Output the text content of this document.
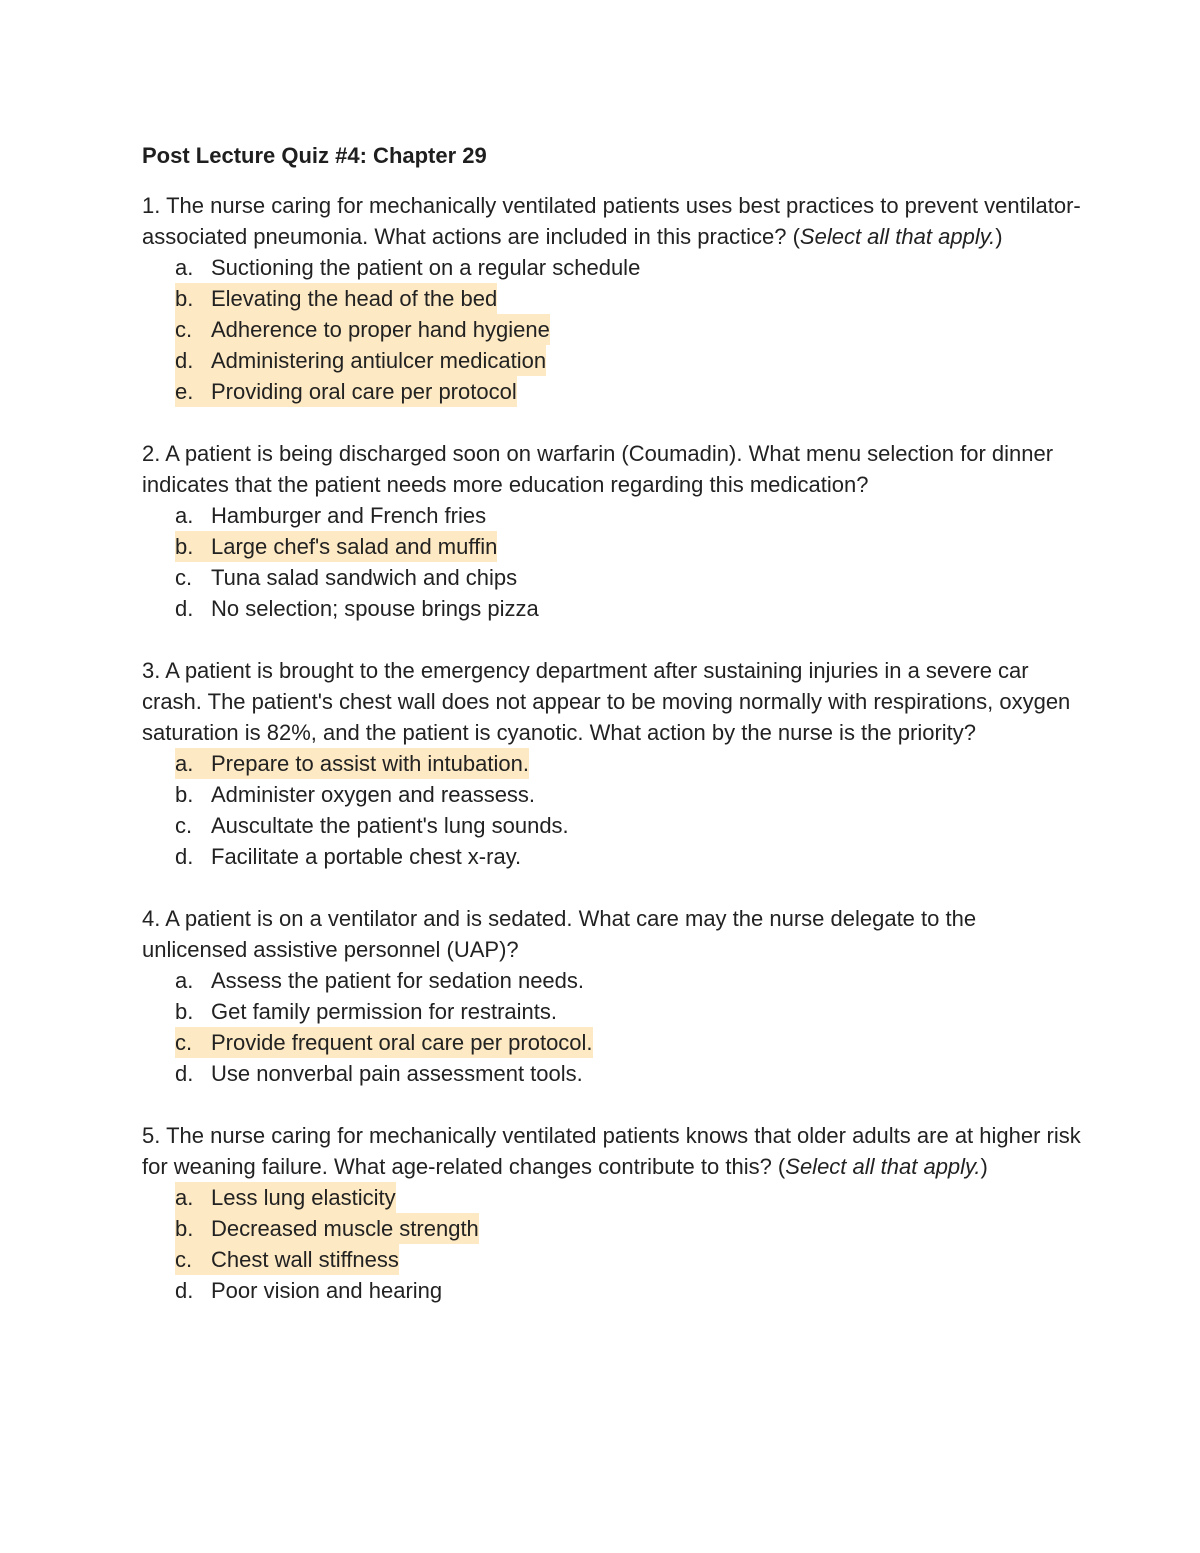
Post Lecture Quiz #4: Chapter 29

1. The nurse caring for mechanically ventilated patients uses best practices to prevent ventilator-associated pneumonia. What actions are included in this practice? (Select all that apply.)

a. Suctioning the patient on a regular schedule
b. Elevating the head of the bed
c. Adherence to proper hand hygiene
d. Administering antiulcer medication
e. Providing oral care per protocol

2. A patient is being discharged soon on warfarin (Coumadin). What menu selection for dinner indicates that the patient needs more education regarding this medication?

a. Hamburger and French fries
b. Large chef's salad and muffin
c. Tuna salad sandwich and chips
d. No selection; spouse brings pizza

3. A patient is brought to the emergency department after sustaining injuries in a severe car crash. The patient's chest wall does not appear to be moving normally with respirations, oxygen saturation is 82%, and the patient is cyanotic. What action by the nurse is the priority?

a. Prepare to assist with intubation.
b. Administer oxygen and reassess.
c. Auscultate the patient's lung sounds.
d. Facilitate a portable chest x-ray.

4. A patient is on a ventilator and is sedated. What care may the nurse delegate to the unlicensed assistive personnel (UAP)?

a. Assess the patient for sedation needs.
b. Get family permission for restraints.
c. Provide frequent oral care per protocol.
d. Use nonverbal pain assessment tools.

5. The nurse caring for mechanically ventilated patients knows that older adults are at higher risk for weaning failure. What age-related changes contribute to this? (Select all that apply.)

a. Less lung elasticity
b. Decreased muscle strength
c. Chest wall stiffness
d. Poor vision and hearing
